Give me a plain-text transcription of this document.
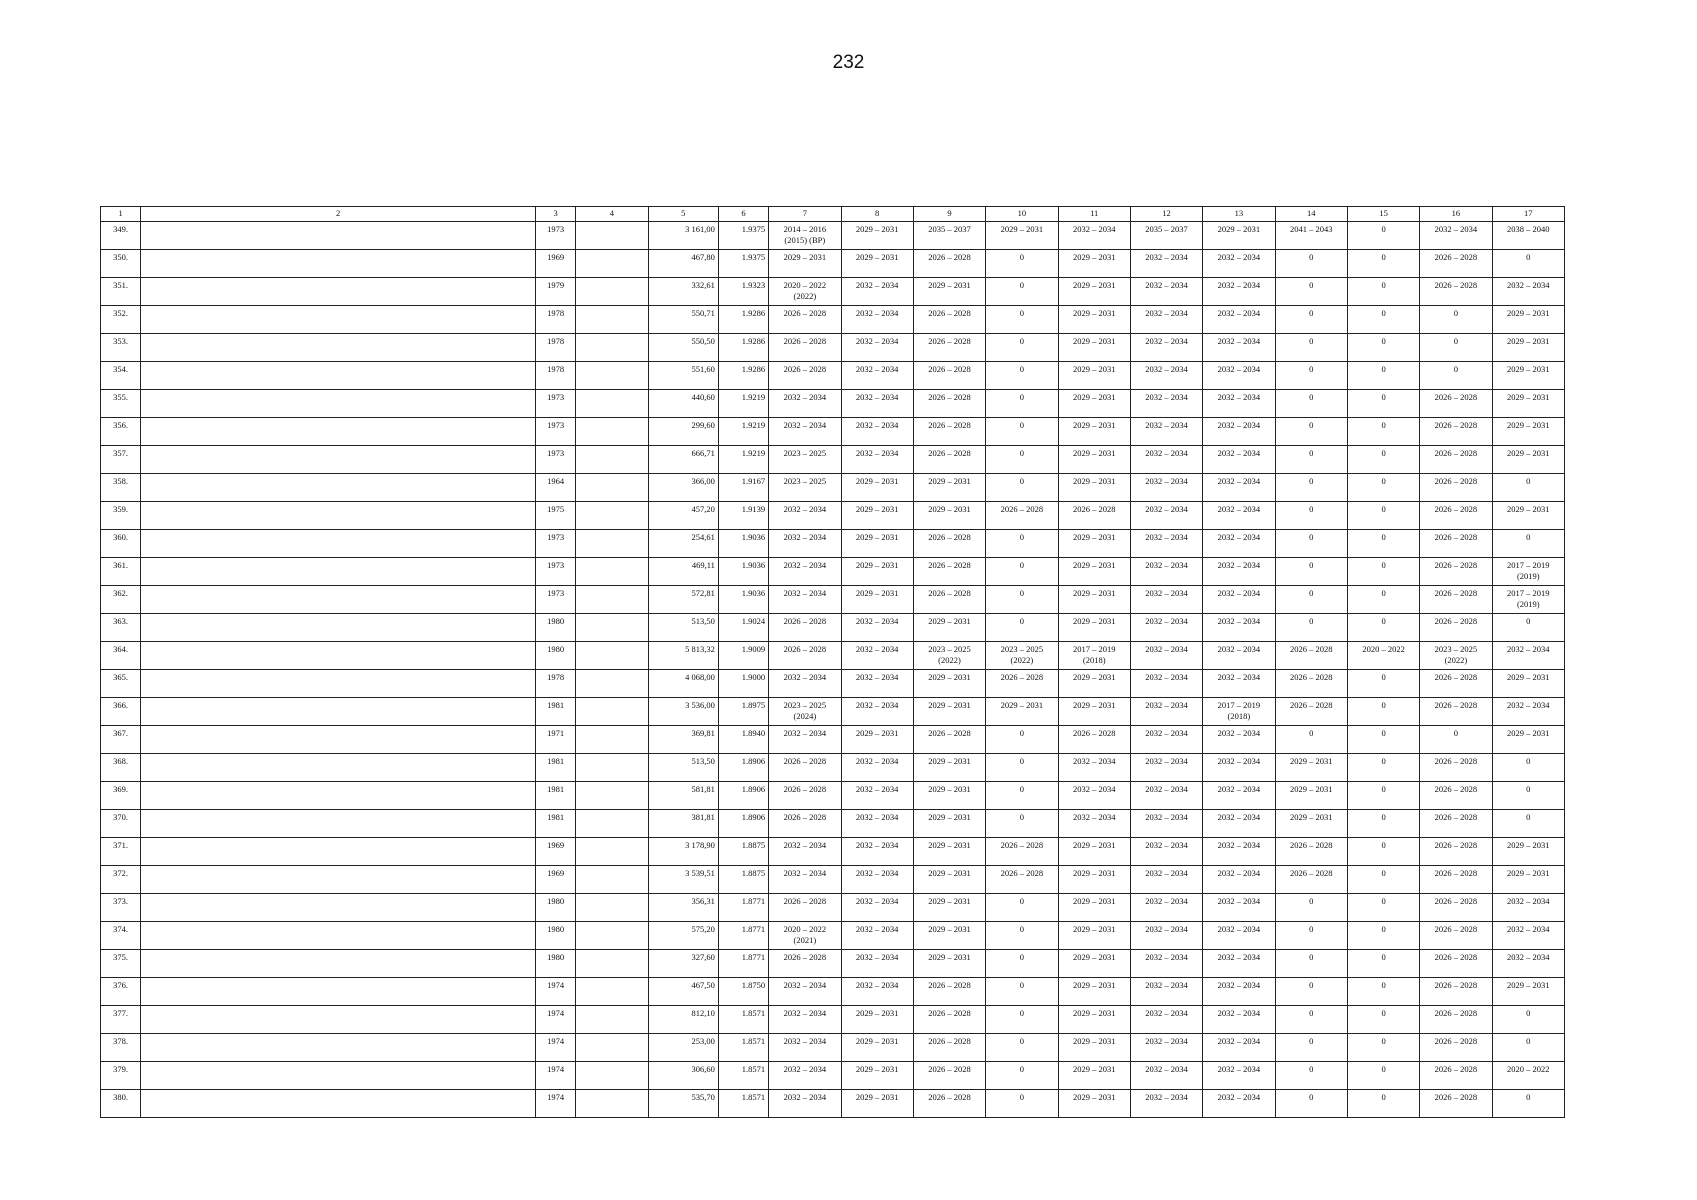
232
1	2	3	4	5	6	7	8	9	10	11	12	13	14	15	16	17
349.		1973		3 161,00	1.9375	2014 – 2016
(2015) (ВР)	2029 – 2031	2035 – 2037	2029 – 2031	2032 – 2034	2035 – 2037	2029 – 2031	2041 – 2043	0	2032 – 2034	2038 – 2040
350.		1969		467,80	1.9375	2029 – 2031	2029 – 2031	2026 – 2028	0	2029 – 2031	2032 – 2034	2032 – 2034	0	0	2026 – 2028	0
351.		1979		332,61	1.9323	2020 – 2022
(2022)	2032 – 2034	2029 – 2031	0	2029 – 2031	2032 – 2034	2032 – 2034	0	0	2026 – 2028	2032 – 2034
352.		1978		550,71	1.9286	2026 – 2028	2032 – 2034	2026 – 2028	0	2029 – 2031	2032 – 2034	2032 – 2034	0	0	0	2029 – 2031
353.		1978		550,50	1.9286	2026 – 2028	2032 – 2034	2026 – 2028	0	2029 – 2031	2032 – 2034	2032 – 2034	0	0	0	2029 – 2031
354.		1978		551,60	1.9286	2026 – 2028	2032 – 2034	2026 – 2028	0	2029 – 2031	2032 – 2034	2032 – 2034	0	0	0	2029 – 2031
355.		1973		440,60	1.9219	2032 – 2034	2032 – 2034	2026 – 2028	0	2029 – 2031	2032 – 2034	2032 – 2034	0	0	2026 – 2028	2029 – 2031
356.		1973		299,60	1.9219	2032 – 2034	2032 – 2034	2026 – 2028	0	2029 – 2031	2032 – 2034	2032 – 2034	0	0	2026 – 2028	2029 – 2031
357.		1973		666,71	1.9219	2023 – 2025	2032 – 2034	2026 – 2028	0	2029 – 2031	2032 – 2034	2032 – 2034	0	0	2026 – 2028	2029 – 2031
358.		1964		366,00	1.9167	2023 – 2025	2029 – 2031	2029 – 2031	0	2029 – 2031	2032 – 2034	2032 – 2034	0	0	2026 – 2028	0
359.		1975		457,20	1.9139	2032 – 2034	2029 – 2031	2029 – 2031	2026 – 2028	2026 – 2028	2032 – 2034	2032 – 2034	0	0	2026 – 2028	2029 – 2031
360.		1973		254,61	1.9036	2032 – 2034	2029 – 2031	2026 – 2028	0	2029 – 2031	2032 – 2034	2032 – 2034	0	0	2026 – 2028	0
361.		1973		469,11	1.9036	2032 – 2034	2029 – 2031	2026 – 2028	0	2029 – 2031	2032 – 2034	2032 – 2034	0	0	2026 – 2028	2017 – 2019
(2019)
362.		1973		572,81	1.9036	2032 – 2034	2029 – 2031	2026 – 2028	0	2029 – 2031	2032 – 2034	2032 – 2034	0	0	2026 – 2028	2017 – 2019
(2019)
363.		1980		513,50	1.9024	2026 – 2028	2032 – 2034	2029 – 2031	0	2029 – 2031	2032 – 2034	2032 – 2034	0	0	2026 – 2028	0
364.		1980		5 813,32	1.9009	2026 – 2028	2032 – 2034	2023 – 2025
(2022)	2023 – 2025
(2022)	2017 – 2019
(2018)	2032 – 2034	2032 – 2034	2026 – 2028	2020 – 2022	2023 – 2025
(2022)	2032 – 2034
365.		1978		4 068,00	1.9000	2032 – 2034	2032 – 2034	2029 – 2031	2026 – 2028	2029 – 2031	2032 – 2034	2032 – 2034	2026 – 2028	0	2026 – 2028	2029 – 2031
366.		1981		3 536,00	1.8975	2023 – 2025
(2024)	2032 – 2034	2029 – 2031	2029 – 2031	2029 – 2031	2032 – 2034	2017 – 2019
(2018)	2026 – 2028	0	2026 – 2028	2032 – 2034
367.		1971		369,81	1.8940	2032 – 2034	2029 – 2031	2026 – 2028	0	2026 – 2028	2032 – 2034	2032 – 2034	0	0	0	2029 – 2031
368.		1981		513,50	1.8906	2026 – 2028	2032 – 2034	2029 – 2031	0	2032 – 2034	2032 – 2034	2032 – 2034	2029 – 2031	0	2026 – 2028	0
369.		1981		581,81	1.8906	2026 – 2028	2032 – 2034	2029 – 2031	0	2032 – 2034	2032 – 2034	2032 – 2034	2029 – 2031	0	2026 – 2028	0
370.		1981		381,81	1.8906	2026 – 2028	2032 – 2034	2029 – 2031	0	2032 – 2034	2032 – 2034	2032 – 2034	2029 – 2031	0	2026 – 2028	0
371.		1969		3 178,90	1.8875	2032 – 2034	2032 – 2034	2029 – 2031	2026 – 2028	2029 – 2031	2032 – 2034	2032 – 2034	2026 – 2028	0	2026 – 2028	2029 – 2031
372.		1969		3 539,51	1.8875	2032 – 2034	2032 – 2034	2029 – 2031	2026 – 2028	2029 – 2031	2032 – 2034	2032 – 2034	2026 – 2028	0	2026 – 2028	2029 – 2031
373.		1980		356,31	1.8771	2026 – 2028	2032 – 2034	2029 – 2031	0	2029 – 2031	2032 – 2034	2032 – 2034	0	0	2026 – 2028	2032 – 2034
374.		1980		575,20	1.8771	2020 – 2022
(2021)	2032 – 2034	2029 – 2031	0	2029 – 2031	2032 – 2034	2032 – 2034	0	0	2026 – 2028	2032 – 2034
375.		1980		327,60	1.8771	2026 – 2028	2032 – 2034	2029 – 2031	0	2029 – 2031	2032 – 2034	2032 – 2034	0	0	2026 – 2028	2032 – 2034
376.		1974		467,50	1.8750	2032 – 2034	2032 – 2034	2026 – 2028	0	2029 – 2031	2032 – 2034	2032 – 2034	0	0	2026 – 2028	2029 – 2031
377.		1974		812,10	1.8571	2032 – 2034	2029 – 2031	2026 – 2028	0	2029 – 2031	2032 – 2034	2032 – 2034	0	0	2026 – 2028	0
378.		1974		253,00	1.8571	2032 – 2034	2029 – 2031	2026 – 2028	0	2029 – 2031	2032 – 2034	2032 – 2034	0	0	2026 – 2028	0
379.		1974		306,60	1.8571	2032 – 2034	2029 – 2031	2026 – 2028	0	2029 – 2031	2032 – 2034	2032 – 2034	0	0	2026 – 2028	2020 – 2022
380.		1974		535,70	1.8571	2032 – 2034	2029 – 2031	2026 – 2028	0	2029 – 2031	2032 – 2034	2032 – 2034	0	0	2026 – 2028	0
